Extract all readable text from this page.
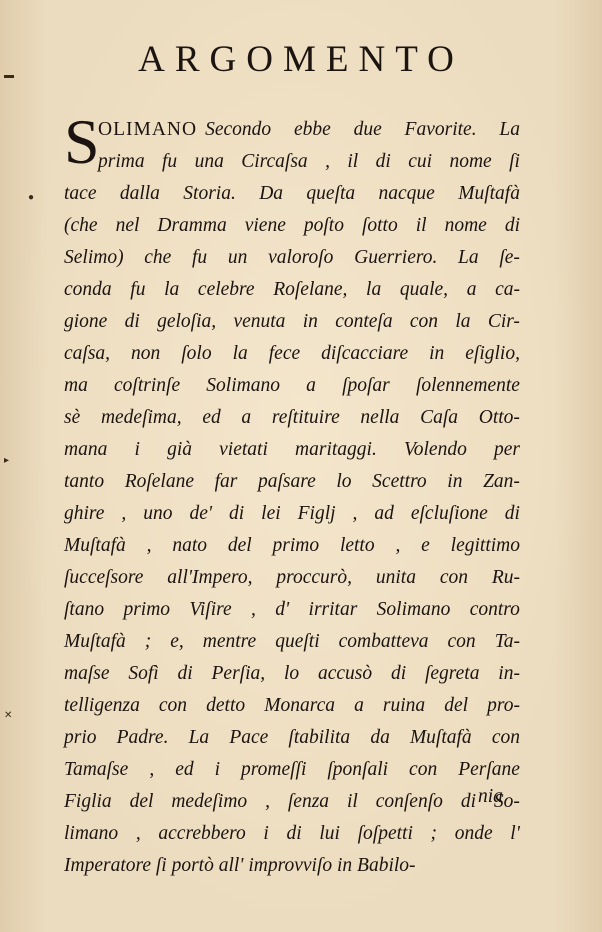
▬
●
▸
✕
ARGOMENTO
S
OLIMANO Secondo ebbe due Favorite. La
prima fu una Circaſsa , il di cui nome ſi
tace dalla Storia. Da queſta nacque Muſtafà
(che nel Dramma viene poſto ſotto il nome di
Selimo) che fu un valoroſo Guerriero. La ſe-
conda fu la celebre Roſelane, la quale, a ca-
gione di geloſia, venuta in conteſa con la Cir-
caſsa, non ſolo la fece diſcacciare in eſiglio,
ma coſtrinſe Solimano a ſpoſar ſolennemente
sè medeſima, ed a reſtituire nella Caſa Otto-
mana i già vietati maritaggi. Volendo per
tanto Roſelane far paſsare lo Scettro in Zan-
ghire , uno de' di lei Figlj , ad eſcluſione di
Muſtafà , nato del primo letto , e legittimo
ſucceſsore all'Impero, proccurò, unita con Ru-
ſtano primo Viſire , d' irritar Solimano contro
Muſtafà ; e, mentre queſti combatteva con Ta-
maſse Sofì di Perſia, lo accusò di ſegreta in-
telligenza con detto Monarca a ruina del pro-
prio Padre. La Pace ſtabilita da Muſtafà con
Tamaſse , ed i promeſſi ſponſali con Perſane
Figlia del medeſimo , ſenza il conſenſo di So-
limano , accrebbero i di lui ſoſpetti ; onde l'
Imperatore ſi portò all' improvviſo in Babilo-
nia
